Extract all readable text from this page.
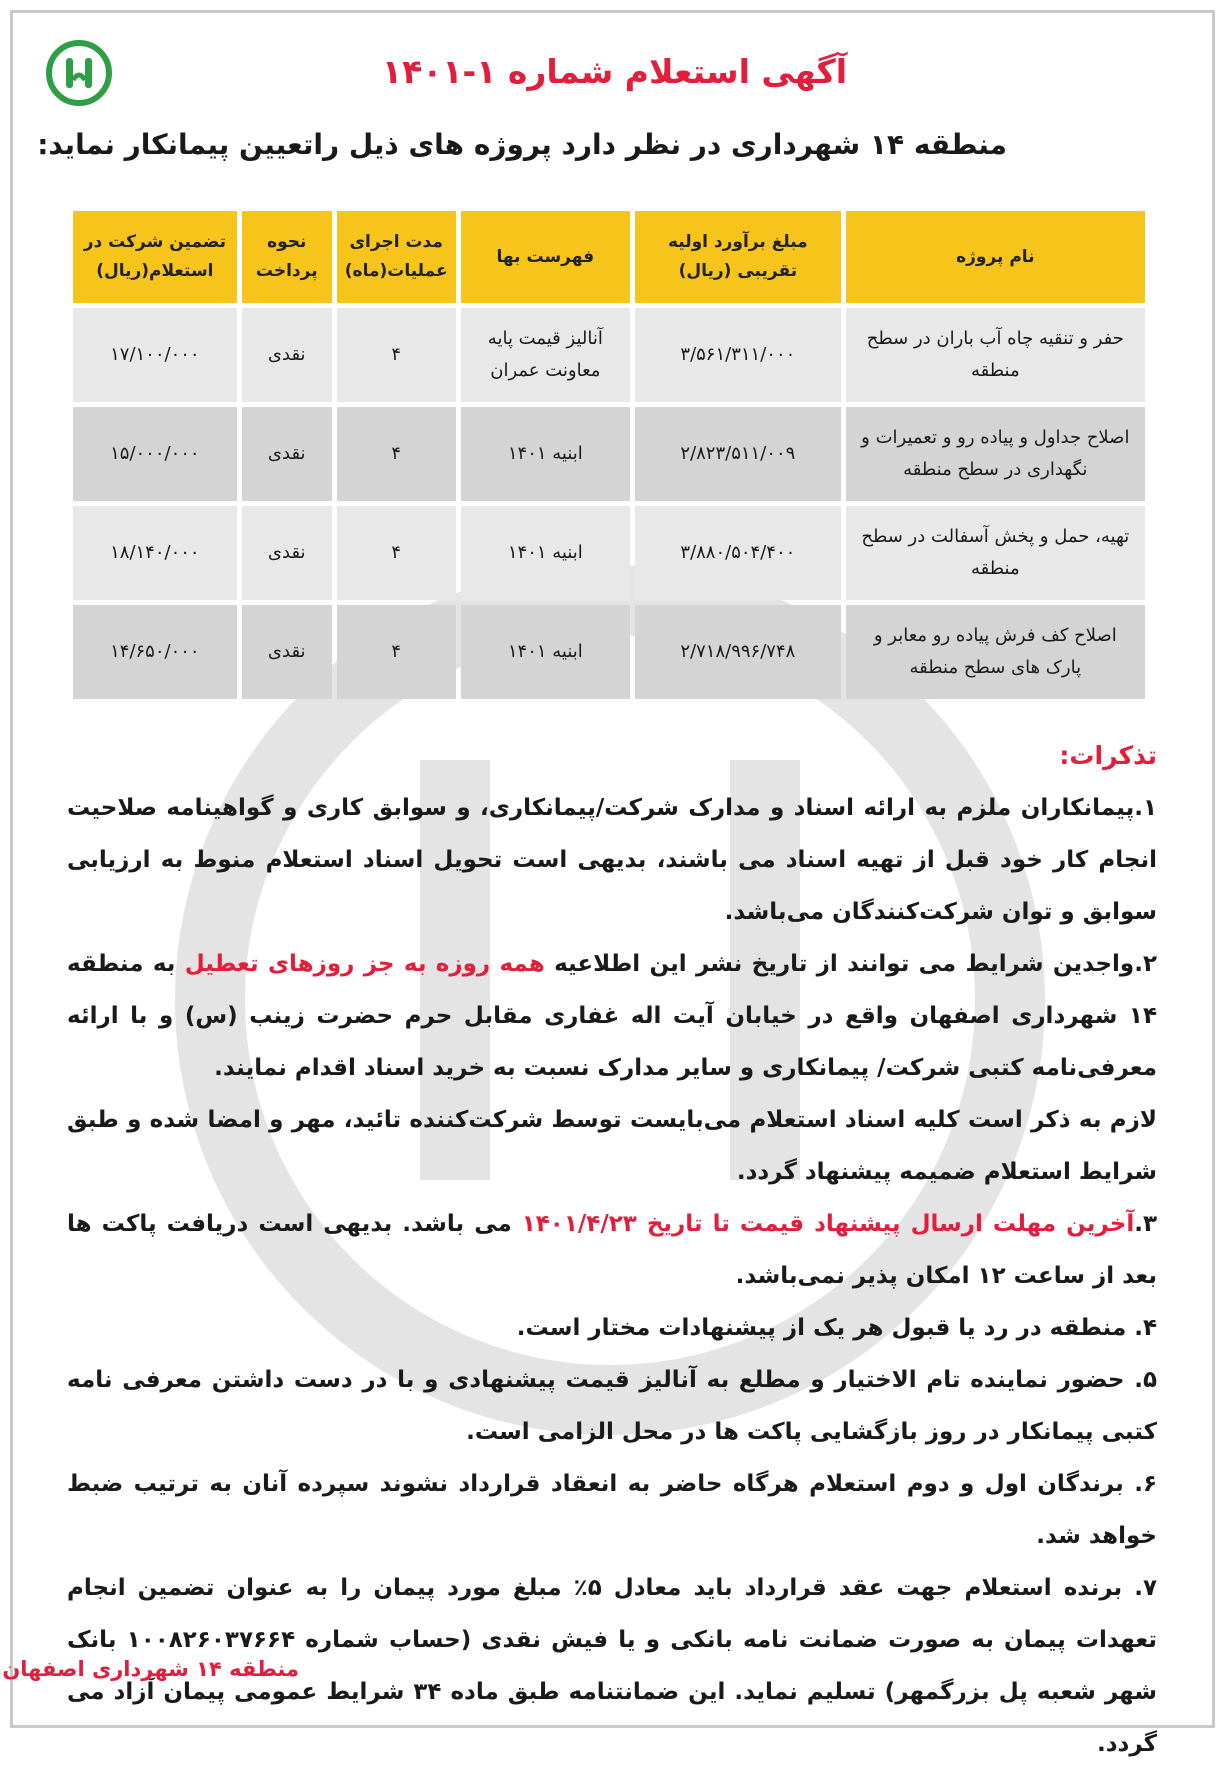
آگهی استعلام شماره ۱-۱۴۰۱
منطقه ۱۴ شهرداری در نظر دارد پروژه های ذیل راتعیین پیمانکار نماید:
نام پروژه	مبلغ برآورد اولیه تقریبی (ریال)	فهرست بها	مدت اجرای عملیات(ماه)	نحوه پرداخت	تضمین شرکت در استعلام(ریال)
حفر و تنقیه چاه آب باران در سطح منطقه	۳/۵۶۱/۳۱۱/۰۰۰	آنالیز قیمت پایه معاونت عمران	۴	نقدی	۱۷/۱۰۰/۰۰۰
اصلاح جداول و پیاده رو و تعمیرات و نگهداری در سطح منطقه	۲/۸۲۳/۵۱۱/۰۰۹	ابنیه ۱۴۰۱	۴	نقدی	۱۵/۰۰۰/۰۰۰
تهیه، حمل و پخش آسفالت در سطح منطقه	۳/۸۸۰/۵۰۴/۴۰۰	ابنیه ۱۴۰۱	۴	نقدی	۱۸/۱۴۰/۰۰۰
اصلاح کف فرش پیاده رو معابر و پارک های سطح منطقه	۲/۷۱۸/۹۹۶/۷۴۸	ابنیه ۱۴۰۱	۴	نقدی	۱۴/۶۵۰/۰۰۰

تذکرات:

۱.پیمانکاران ملزم به ارائه اسناد و مدارک شرکت/پیمانکاری، و سوابق کاری و گواهینامه صلاحیت انجام کار خود قبل از تهیه اسناد می باشند، بدیهی است تحویل اسناد استعلام منوط به ارزیابی سوابق و توان شرکت‌کنندگان می‌باشد.

۲.واجدین شرایط می توانند از تاریخ نشر این اطلاعیه همه روزه به جز روزهای تعطیل به منطقه ۱۴ شهرداری اصفهان واقع در خیابان آیت اله غفاری مقابل حرم حضرت زینب (س) و با ارائه معرفی‌نامه کتبی شرکت/ پیمانکاری و سایر مدارک نسبت به خرید اسناد اقدام نمایند.

لازم به ذکر است کلیه اسناد استعلام می‌بایست توسط شرکت‌کننده تائید، مهر و امضا شده و طبق شرایط استعلام ضمیمه پیشنهاد گردد.

۳.آخرین مهلت ارسال پیشنهاد قیمت تا تاریخ ۱۴۰۱/۴/۲۳ می باشد. بدیهی است دریافت پاکت ها بعد از ساعت ۱۲ امکان پذیر نمی‌باشد.

۴. منطقه در رد یا قبول هر یک از پیشنهادات مختار است.

۵. حضور نماینده تام الاختیار و مطلع به آنالیز قیمت پیشنهادی و با در دست داشتن معرفی نامه کتبی پیمانکار در روز بازگشایی پاکت ها در محل الزامی است.

۶. برندگان اول و دوم استعلام هرگاه حاضر به انعقاد قرارداد نشوند سپرده آنان به ترتیب ضبط خواهد شد.

۷. برنده استعلام جهت عقد قرارداد باید معادل ۵٪ مبلغ مورد پیمان را به عنوان تضمین انجام تعهدات پیمان به صورت ضمانت نامه بانکی و یا فیش نقدی (حساب شماره ۱۰۰۸۲۶۰۳۷۶۶۴ بانک شهر شعبه پل بزرگمهر) تسلیم نماید. این ضمانتنامه طبق ماده ۳۴ شرایط عمومی پیمان آزاد می گردد.

منطقه ۱۴ شهرداری اصفهان
